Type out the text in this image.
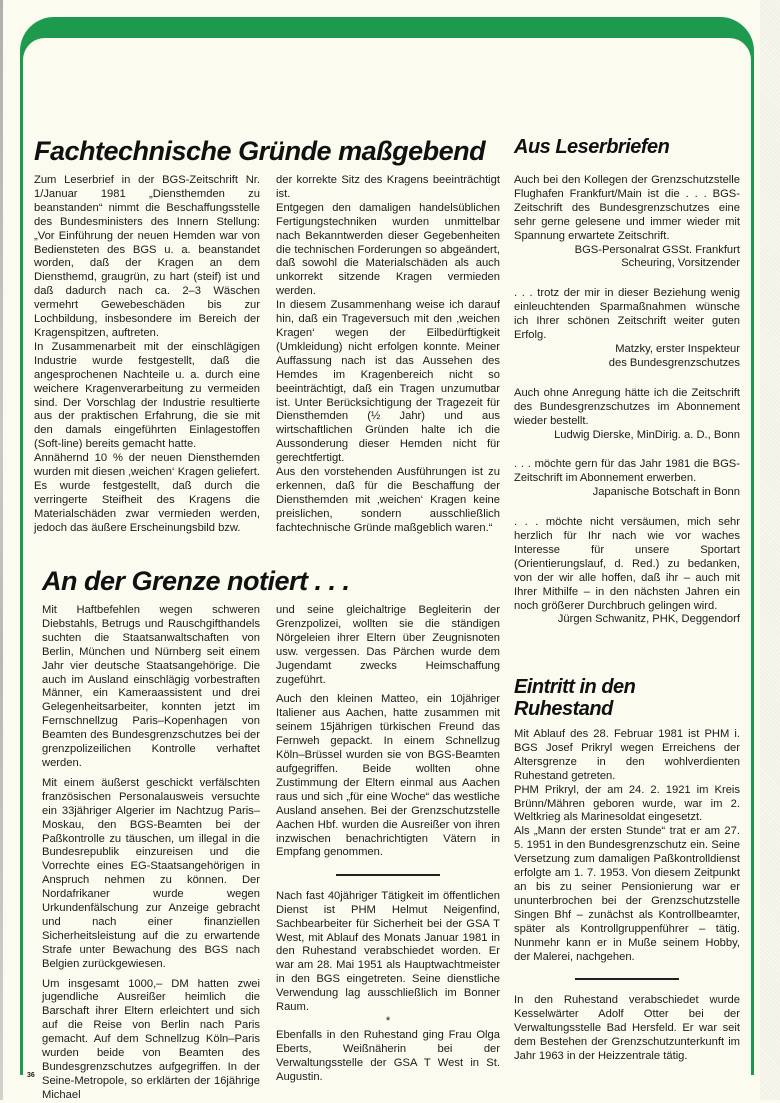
Fachtechnische Gründe maßgebend

Zum Leserbrief in der BGS-Zeitschrift Nr. 1/Januar 1981 „Diensthemden zu beanstanden“ nimmt die Beschaffungsstelle des Bundesministers des Innern Stellung: „Vor Einführung der neuen Hemden war von Bediensteten des BGS u. a. beanstandet worden, daß der Kragen an dem Diensthemd, graugrün, zu hart (steif) ist und daß dadurch nach ca. 2–3 Wäschen vermehrt Gewebeschäden bis zur Lochbildung, insbesondere im Bereich der Kragenspitzen, auftreten.

In Zusammenarbeit mit der einschlägigen Industrie wurde festgestellt, daß die angesprochenen Nachteile u. a. durch eine weichere Kragenverarbeitung zu vermeiden sind. Der Vorschlag der Industrie resultierte aus der praktischen Erfahrung, die sie mit den damals eingeführten Einlagestoffen (Soft-line) bereits gemacht hatte.

Annähernd 10 % der neuen Diensthemden wurden mit diesen ‚weichen‘ Kragen geliefert. Es wurde festgestellt, daß durch die verringerte Steifheit des Kragens die Materialschäden zwar vermieden werden, jedoch das äußere Erscheinungsbild bzw.

der korrekte Sitz des Kragens beeinträchtigt ist.

Entgegen den damaligen handelsüblichen Fertigungstechniken wurden unmittelbar nach Bekanntwerden dieser Gegebenheiten die technischen Forderungen so abgeändert, daß sowohl die Materialschäden als auch unkorrekt sitzende Kragen vermieden werden.

In diesem Zusammenhang weise ich darauf hin, daß ein Trageversuch mit den ‚weichen Kragen‘ wegen der Eilbedürftigkeit (Umkleidung) nicht erfolgen konnte. Meiner Auffassung nach ist das Aussehen des Hemdes im Kragenbereich nicht so beeinträchtigt, daß ein Tragen unzumutbar ist. Unter Berücksichtigung der Tragezeit für Diensthemden (½ Jahr) und aus wirtschaftlichen Gründen halte ich die Aussonderung dieser Hemden nicht für gerechtfertigt.

Aus den vorstehenden Ausführungen ist zu erkennen, daß für die Beschaffung der Diensthemden mit ‚weichen‘ Kragen keine preislichen, sondern ausschließlich fachtechnische Gründe maßgeblich waren.“

Aus Leserbriefen

Auch bei den Kollegen der Grenzschutzstelle Flughafen Frankfurt/Main ist die . . . BGS-Zeitschrift des Bundesgrenzschutzes eine sehr gerne gelesene und immer wieder mit Spannung erwartete Zeitschrift.

BGS-Personalrat GSSt. Frankfurt

Scheuring, Vorsitzender

. . . trotz der mir in dieser Beziehung wenig einleuchtenden Sparmaßnahmen wünsche ich Ihrer schönen Zeitschrift weiter guten Erfolg.

Matzky, erster Inspekteur

des Bundesgrenzschutzes

Auch ohne Anregung hätte ich die Zeitschrift des Bundesgrenzschutzes im Abonnement wieder bestellt.

Ludwig Dierske, MinDirig. a. D., Bonn

. . . möchte gern für das Jahr 1981 die BGS-Zeitschrift im Abonnement erwerben.

Japanische Botschaft in Bonn

. . . möchte nicht versäumen, mich sehr herzlich für Ihr nach wie vor waches Interesse für unsere Sportart (Orientierungslauf, d. Red.) zu bedanken, von der wir alle hoffen, daß ihr – auch mit Ihrer Mithilfe – in den nächsten Jahren ein noch größerer Durchbruch gelingen wird.

Jürgen Schwanitz, PHK, Deggendorf

An der Grenze notiert . . .

Mit Haftbefehlen wegen schweren Diebstahls, Betrugs und Rauschgifthandels suchten die Staatsanwaltschaften von Berlin, München und Nürnberg seit einem Jahr vier deutsche Staatsangehörige. Die auch im Ausland einschlägig vorbestraften Männer, ein Kameraassistent und drei Gelegenheitsarbeiter, konnten jetzt im Fernschnellzug Paris–Kopenhagen von Beamten des Bundesgrenzschutzes bei der grenzpolizeilichen Kontrolle verhaftet werden.

Mit einem äußerst geschickt verfälschten französischen Personalausweis versuchte ein 33jähriger Algerier im Nachtzug Paris–Moskau, den BGS-Beamten bei der Paßkontrolle zu täuschen, um illegal in die Bundesrepublik einzureisen und die Vorrechte eines EG-Staatsangehörigen in Anspruch nehmen zu können. Der Nordafrikaner wurde wegen Urkundenfälschung zur Anzeige gebracht und nach einer finanziellen Sicherheitsleistung auf die zu erwartende Strafe unter Bewachung des BGS nach Belgien zurückgewiesen.

Um insgesamt 1000,– DM hatten zwei jugendliche Ausreißer heimlich die Barschaft ihrer Eltern erleichtert und sich auf die Reise von Berlin nach Paris gemacht. Auf dem Schnellzug Köln–Paris wurden beide von Beamten des Bundesgrenzschutzes aufgegriffen. In der Seine-Metropole, so erklärten der 16jährige Michael

und seine gleichaltrige Begleiterin der Grenzpolizei, wollten sie die ständigen Nörgeleien ihrer Eltern über Zeugnisnoten usw. vergessen. Das Pärchen wurde dem Jugendamt zwecks Heimschaffung zugeführt.

Auch den kleinen Matteo, ein 10jähriger Italiener aus Aachen, hatte zusammen mit seinem 15jährigen türkischen Freund das Fernweh gepackt. In einem Schnellzug Köln–Brüssel wurden sie von BGS-Beamten aufgegriffen. Beide wollten ohne Zustimmung der Eltern einmal aus Aachen raus und sich „für eine Woche“ das westliche Ausland ansehen. Bei der Grenzschutzstelle Aachen Hbf. wurden die Ausreißer von ihren inzwischen benachrichtigten Vätern in Empfang genommen.

Nach fast 40jähriger Tätigkeit im öffentlichen Dienst ist PHM Helmut Neigenfind, Sachbearbeiter für Sicherheit bei der GSA T West, mit Ablauf des Monats Januar 1981 in den Ruhestand verabschiedet worden. Er war am 28. Mai 1951 als Hauptwachtmeister in den BGS eingetreten. Seine dienstliche Verwendung lag ausschließlich im Bonner Raum.

*

Ebenfalls in den Ruhestand ging Frau Olga Eberts, Weißnäherin bei der Verwaltungsstelle der GSA T West in St. Augustin.

Eintritt in den
Ruhestand

Mit Ablauf des 28. Februar 1981 ist PHM i. BGS Josef Prikryl wegen Erreichens der Altersgrenze in den wohlverdienten Ruhestand getreten.

PHM Prikryl, der am 24. 2. 1921 im Kreis Brünn/Mähren geboren wurde, war im 2. Weltkrieg als Marinesoldat eingesetzt.

Als „Mann der ersten Stunde“ trat er am 27. 5. 1951 in den Bundesgrenzschutz ein. Seine Versetzung zum damaligen Paßkontrolldienst erfolgte am 1. 7. 1953. Von diesem Zeitpunkt an bis zu seiner Pensionierung war er ununterbrochen bei der Grenzschutzstelle Singen Bhf – zunächst als Kontrollbeamter, später als Kontrollgruppenführer – tätig. Nunmehr kann er in Muße seinem Hobby, der Malerei, nachgehen.

In den Ruhestand verabschiedet wurde Kesselwärter Adolf Otter bei der Verwaltungsstelle Bad Hersfeld. Er war seit dem Bestehen der Grenzschutzunterkunft im Jahr 1963 in der Heizzentrale tätig.

36
